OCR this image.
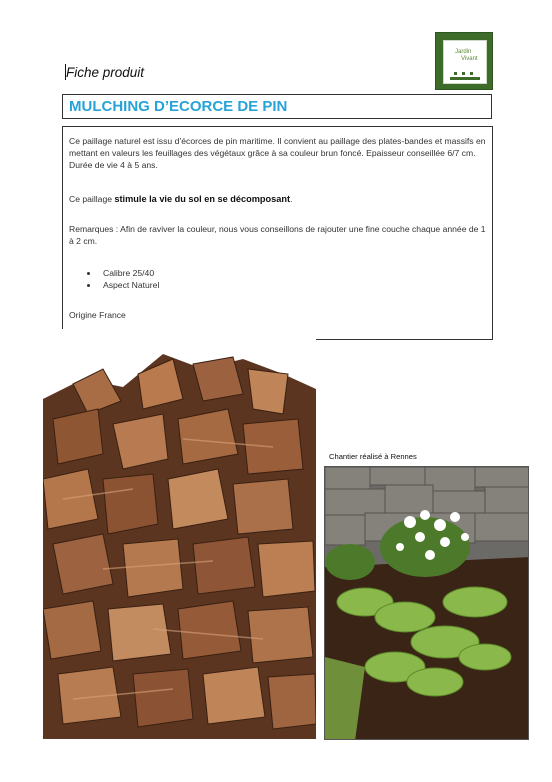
Jardin
Vivant
Fiche produit
MULCHING D’ECORCE DE PIN

Ce paillage naturel est issu d’écorces de pin maritime. Il convient au paillage des plates-bandes et massifs en mettant en valeurs les feuillages des végétaux grâce à sa couleur brun foncé. Epaisseur conseillée 6/7 cm. Durée de vie 4 à 5 ans.

Ce paillage stimule la vie du sol en se décomposant.

Remarques : Afin de raviver la couleur, nous vous conseillons de rajouter une fine couche chaque année de 1 à 2 cm.

Calibre 25/40
Aspect Naturel

Origine France

Chantier réalisé à Rennes
